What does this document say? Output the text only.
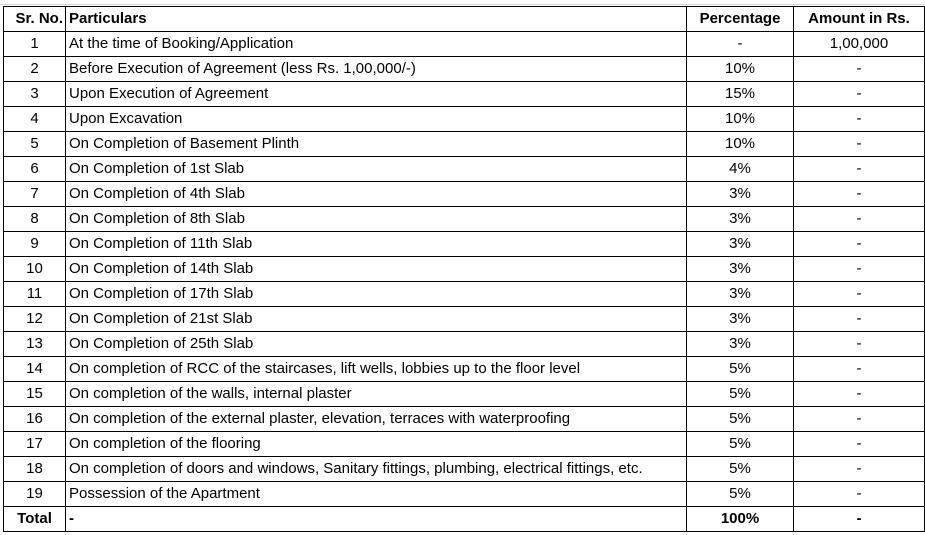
Sr. No.	Particulars	Percentage	Amount in Rs.
1	At the time of Booking/Application	-	1,00,000
2	Before Execution of Agreement (less Rs. 1,00,000/-)	10%	-
3	Upon Execution of Agreement	15%	-
4	Upon Excavation	10%	-
5	On Completion of Basement Plinth	10%	-
6	On Completion of 1st Slab	4%	-
7	On Completion of 4th Slab	3%	-
8	On Completion of 8th Slab	3%	-
9	On Completion of 11th Slab	3%	-
10	On Completion of 14th Slab	3%	-
11	On Completion of 17th Slab	3%	-
12	On Completion of 21st Slab	3%	-
13	On Completion of 25th Slab	3%	-
14	On completion of RCC of the staircases, lift wells, lobbies up to the floor level	5%	-
15	On completion of the walls, internal plaster	5%	-
16	On completion of the external plaster, elevation, terraces with waterproofing	5%	-
17	On completion of the flooring	5%	-
18	On completion of doors and windows, Sanitary fittings, plumbing, electrical fittings, etc.	5%	-
19	Possession of the Apartment	5%	-
Total	-	100%	-
